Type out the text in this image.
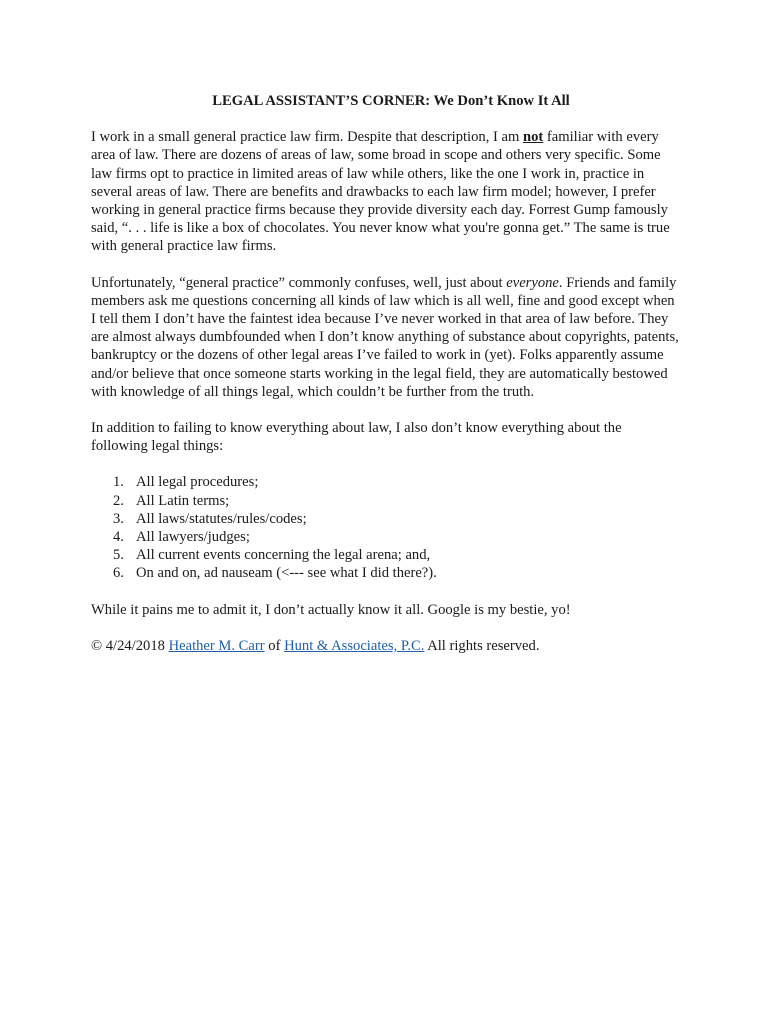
LEGAL ASSISTANT’S CORNER: We Don’t Know It All

I work in a small general practice law firm. Despite that description, I am not familiar with every area of law. There are dozens of areas of law, some broad in scope and others very specific. Some law firms opt to practice in limited areas of law while others, like the one I work in, practice in several areas of law. There are benefits and drawbacks to each law firm model; however, I prefer working in general practice firms because they provide diversity each day. Forrest Gump famously said, “. . . life is like a box of chocolates. You never know what you're gonna get.” The same is true with general practice law firms.

Unfortunately, “general practice” commonly confuses, well, just about everyone. Friends and family members ask me questions concerning all kinds of law which is all well, fine and good except when I tell them I don’t have the faintest idea because I’ve never worked in that area of law before. They are almost always dumbfounded when I don’t know anything of substance about copyrights, patents, bankruptcy or the dozens of other legal areas I’ve failed to work in (yet). Folks apparently assume and/or believe that once someone starts working in the legal field, they are automatically bestowed with knowledge of all things legal, which couldn’t be further from the truth.

In addition to failing to know everything about law, I also don’t know everything about the following legal things:

1. All legal procedures;
2. All Latin terms;
3. All laws/statutes/rules/codes;
4. All lawyers/judges;
5. All current events concerning the legal arena; and,
6. On and on, ad nauseam (<--- see what I did there?).

While it pains me to admit it, I don’t actually know it all. Google is my bestie, yo!

© 4/24/2018 Heather M. Carr of Hunt & Associates, P.C. All rights reserved.
